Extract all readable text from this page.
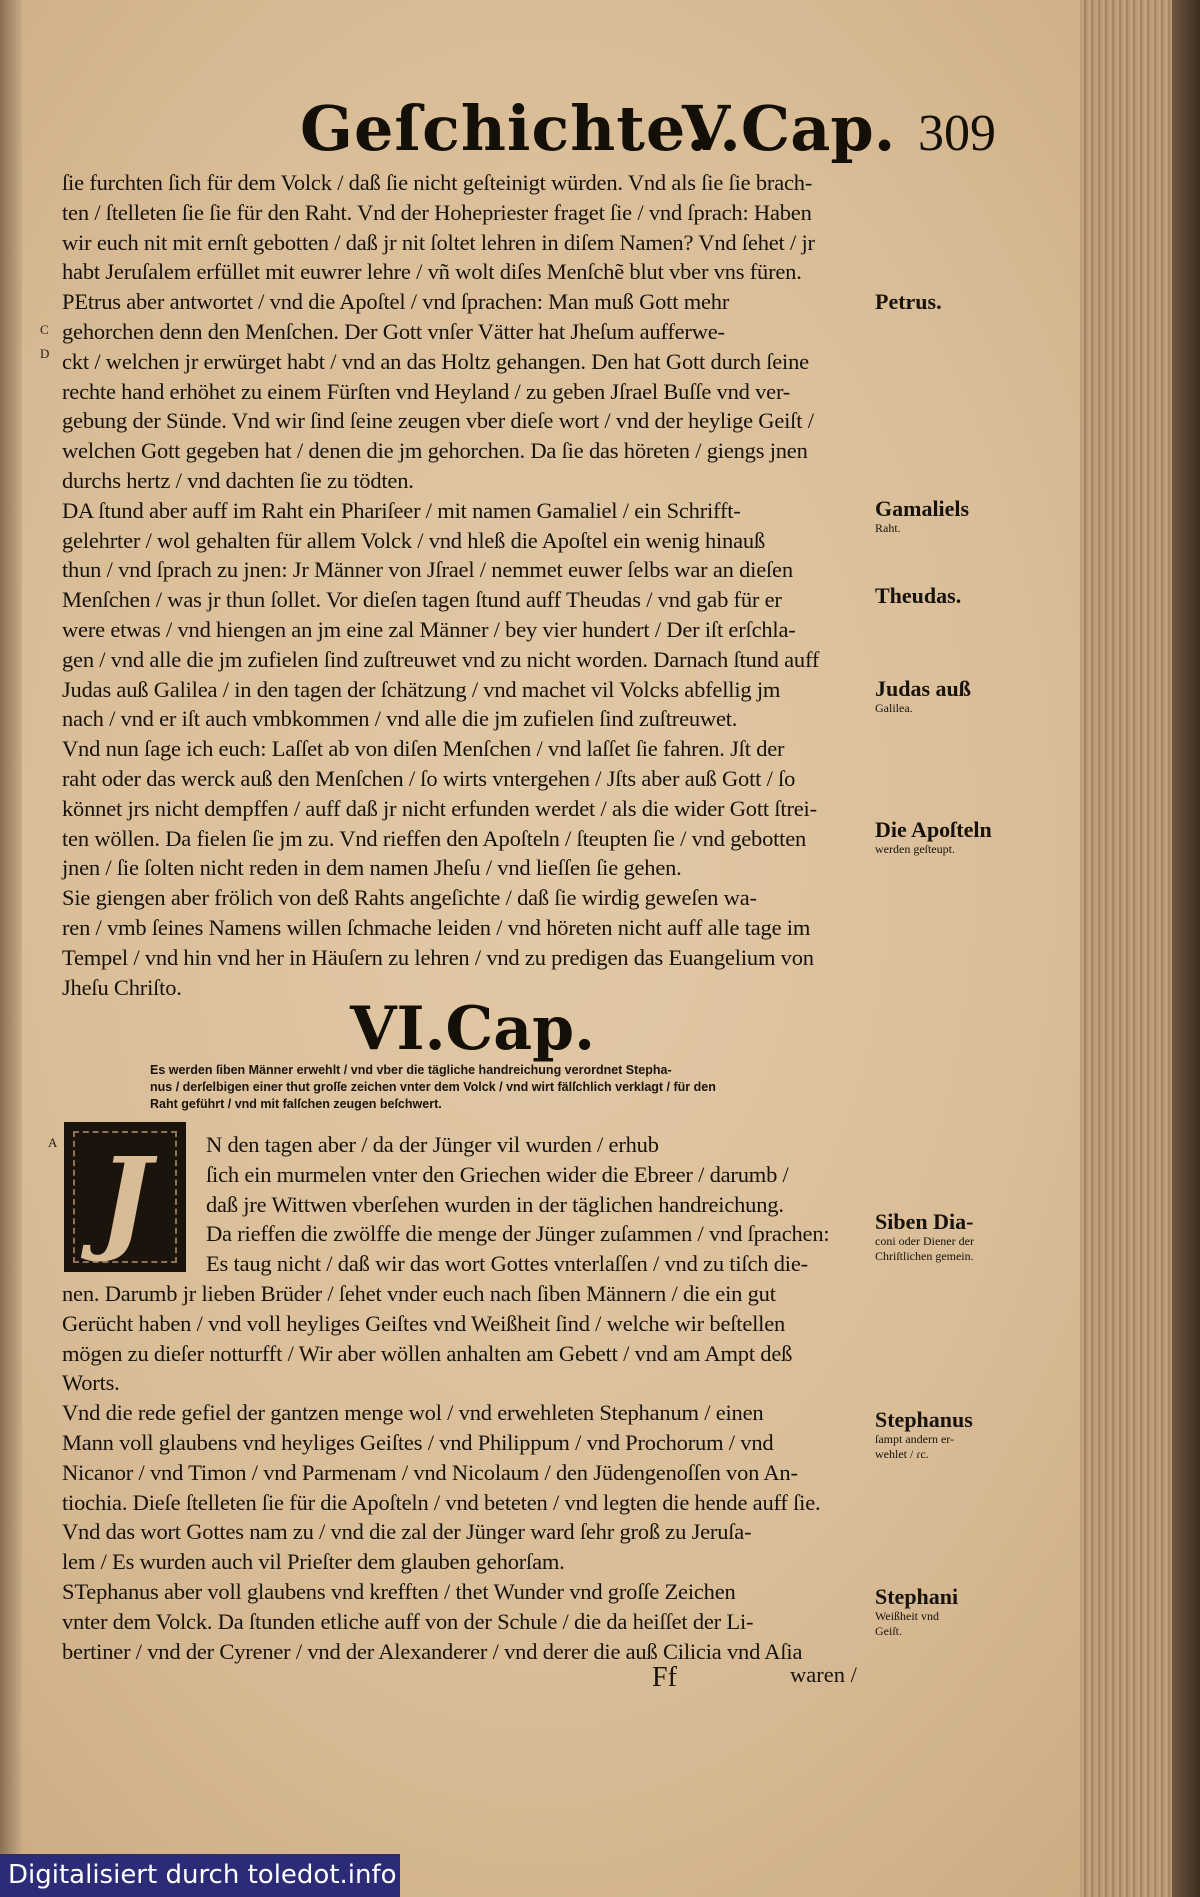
Geſchichte.
V.Cap. 309
VI.Cap.
J
Ff	waren /
Digitalisiert durch toledot.info
ſie furchten ſich für dem Volck / daß ſie nicht geſteinigt würden. Vnd als ſie ſie brach-
ten / ſtelleten ſie ſie für den Raht. Vnd der Hohepriester fraget ſie / vnd ſprach: Haben
wir euch nit mit ernſt gebotten / daß jr nit ſoltet lehren in diſem Namen? Vnd ſehet / jr
habt Jeruſalem erfüllet mit euwrer lehre / vñ wolt diſes Menſchẽ blut vber vns füren.
PEtrus aber antwortet / vnd die Apoſtel / vnd ſprachen: Man muß Gott mehr
gehorchen denn den Menſchen. Der Gott vnſer Vätter hat Jheſum aufferwe-
ckt / welchen jr erwürget habt / vnd an das Holtz gehangen. Den hat Gott durch ſeine
rechte hand erhöhet zu einem Fürſten vnd Heyland / zu geben Jſrael Buſſe vnd ver-
gebung der Sünde. Vnd wir ſind ſeine zeugen vber dieſe wort / vnd der heylige Geiſt /
welchen Gott gegeben hat / denen die jm gehorchen. Da ſie das höreten / giengs jnen
durchs hertz / vnd dachten ſie zu tödten.
DA ſtund aber auff im Raht ein Phariſeer / mit namen Gamaliel / ein Schrifft-
gelehrter / wol gehalten für allem Volck / vnd hleß die Apoſtel ein wenig hinauß
thun / vnd ſprach zu jnen: Jr Männer von Jſrael / nemmet euwer ſelbs war an dieſen
Menſchen / was jr thun ſollet. Vor dieſen tagen ſtund auff Theudas / vnd gab für er
were etwas / vnd hiengen an jm eine zal Männer / bey vier hundert / Der iſt erſchla-
gen / vnd alle die jm zufielen ſind zuſtreuwet vnd zu nicht worden. Darnach ſtund auff
Judas auß Galilea / in den tagen der ſchätzung / vnd machet vil Volcks abfellig jm
nach / vnd er iſt auch vmbkommen / vnd alle die jm zufielen ſind zuſtreuwet.
Vnd nun ſage ich euch: Laſſet ab von diſen Menſchen / vnd laſſet ſie fahren. Jſt der
raht oder das werck auß den Menſchen / ſo wirts vntergehen / Jſts aber auß Gott / ſo
könnet jrs nicht dempffen / auff daß jr nicht erfunden werdet / als die wider Gott ſtrei-
ten wöllen. Da fielen ſie jm zu. Vnd rieffen den Apoſteln / ſteupten ſie / vnd gebotten
jnen / ſie ſolten nicht reden in dem namen Jheſu / vnd lieſſen ſie gehen.
Sie giengen aber frölich von deß Rahts angeſichte / daß ſie wirdig geweſen wa-
ren / vmb ſeines Namens willen ſchmache leiden / vnd höreten nicht auff alle tage im
Tempel / vnd hin vnd her in Häuſern zu lehren / vnd zu predigen das Euangelium von
Jheſu Chriſto.
Es werden ſiben Männer erwehlt / vnd vber die tägliche handreichung verordnet Stepha-
nus / derſelbigen einer thut groſſe zeichen vnter dem Volck / vnd wirt fälſchlich verklagt / für den
Raht geführt / vnd mit falſchen zeugen beſchwert.
N den tagen aber / da der Jünger vil wurden / erhub
ſich ein murmelen vnter den Griechen wider die Ebreer / darumb /
daß jre Wittwen vberſehen wurden in der täglichen handreichung.
Da rieffen die zwölffe die menge der Jünger zuſammen / vnd ſprachen:
Es taug nicht / daß wir das wort Gottes vnterlaſſen / vnd zu tiſch die-
nen. Darumb jr lieben Brüder / ſehet vnder euch nach ſiben Männern / die ein gut
Gerücht haben / vnd voll heyliges Geiſtes vnd Weißheit ſind / welche wir beſtellen
mögen zu dieſer notturfft / Wir aber wöllen anhalten am Gebett / vnd am Ampt deß
Worts.
Vnd die rede gefiel der gantzen menge wol / vnd erwehleten Stephanum / einen
Mann voll glaubens vnd heyliges Geiſtes / vnd Philippum / vnd Prochorum / vnd
Nicanor / vnd Timon / vnd Parmenam / vnd Nicolaum / den Jüdengenoſſen von An-
tiochia. Dieſe ſtelleten ſie für die Apoſteln / vnd beteten / vnd legten die hende auff ſie.
Vnd das wort Gottes nam zu / vnd die zal der Jünger ward ſehr groß zu Jeruſa-
lem / Es wurden auch vil Prieſter dem glauben gehorſam.
STephanus aber voll glaubens vnd krefften / thet Wunder vnd groſſe Zeichen
vnter dem Volck. Da ſtunden etliche auff von der Schule / die da heiſſet der Li-
bertiner / vnd der Cyrener / vnd der Alexanderer / vnd derer die auß Cilicia vnd Aſia
Petrus.
Gamaliels
Raht.
Theudas.
Judas auß
Galilea.
Die Apoſteln
werden geſteupt.
Siben Dia-
coni oder Diener der
Chriſtlichen gemein.
Stephanus
ſampt andern er-
wehlet / ɾc.
Stephani
Weißheit vnd
Geiſt.
C
D
A
